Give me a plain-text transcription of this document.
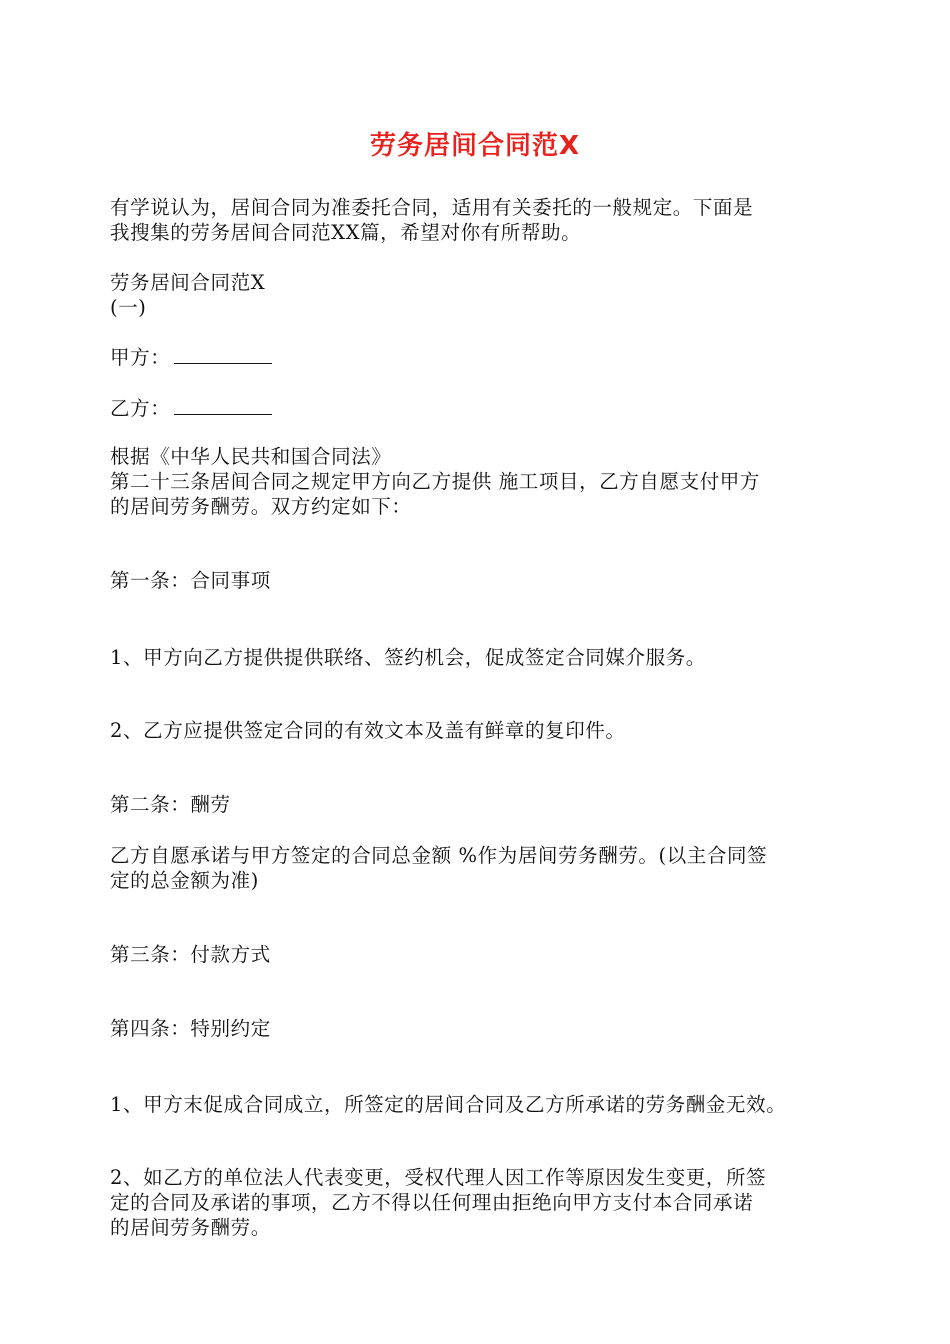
劳务居间合同范X
有学说认为，居间合同为准委托合同，适用有关委托的一般规定。下面是
我搜集的劳务居间合同范XX篇，希望对你有所帮助。
劳务居间合同范X
(一)
甲方：
乙方：
根据《中华人民共和国合同法》
第二十三条居间合同之规定甲方向乙方提供 施工项目，乙方自愿支付甲方
的居间劳务酬劳。双方约定如下：
第一条：合同事项
1、甲方向乙方提供提供联络、签约机会，促成签定合同媒介服务。
2、乙方应提供签定合同的有效文本及盖有鲜章的复印件。
第二条：酬劳
乙方自愿承诺与甲方签定的合同总金额 %作为居间劳务酬劳。(以主合同签
定的总金额为准)
第三条：付款方式
第四条：特别约定
1、甲方末促成合同成立，所签定的居间合同及乙方所承诺的劳务酬金无效。
2、如乙方的单位法人代表变更，受权代理人因工作等原因发生变更，所签
定的合同及承诺的事项，乙方不得以任何理由拒绝向甲方支付本合同承诺
的居间劳务酬劳。
